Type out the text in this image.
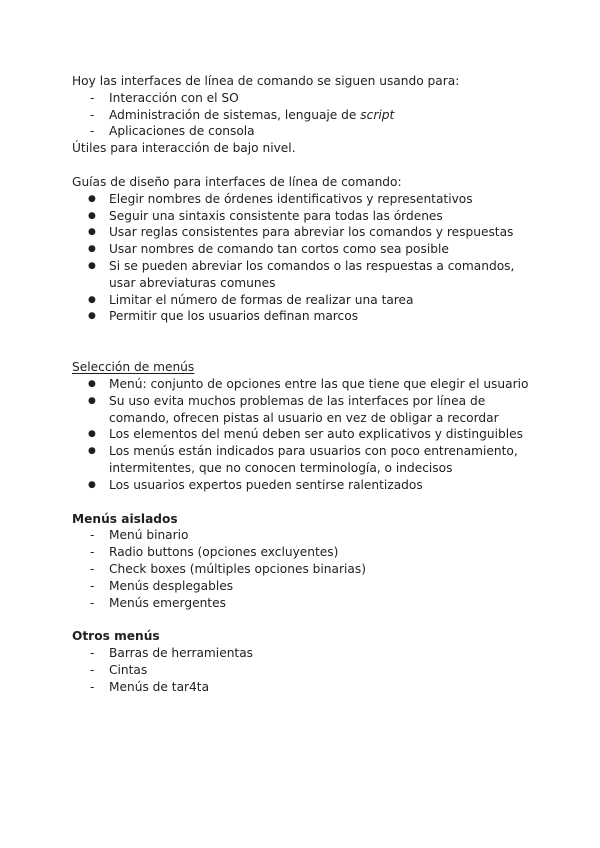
Hoy las interfaces de línea de comando se siguen usando para:

- Interacción con el SO
- Administración de sistemas, lenguaje de script
- Aplicaciones de consola

Útiles para interacción de bajo nivel.

Guías de diseño para interfaces de línea de comando:

● Elegir nombres de órdenes identificativos y representativos
● Seguir una sintaxis consistente para todas las órdenes
● Usar reglas consistentes para abreviar los comandos y respuestas
● Usar nombres de comando tan cortos como sea posible
● Si se pueden abreviar los comandos o las respuestas a comandos, usar abreviaturas comunes
● Limitar el número de formas de realizar una tarea
● Permitir que los usuarios definan marcos

Selección de menús

● Menú: conjunto de opciones entre las que tiene que elegir el usuario
● Su uso evita muchos problemas de las interfaces por línea de comando, ofrecen pistas al usuario en vez de obligar a recordar
● Los elementos del menú deben ser auto explicativos y distinguibles
● Los menús están indicados para usuarios con poco entrenamiento, intermitentes, que no conocen terminología, o indecisos
● Los usuarios expertos pueden sentirse ralentizados

Menús aislados

- Menú binario
- Radio buttons (opciones excluyentes)
- Check boxes (múltiples opciones binarias)
- Menús desplegables
- Menús emergentes

Otros menús

- Barras de herramientas
- Cintas
- Menús de tar4ta
